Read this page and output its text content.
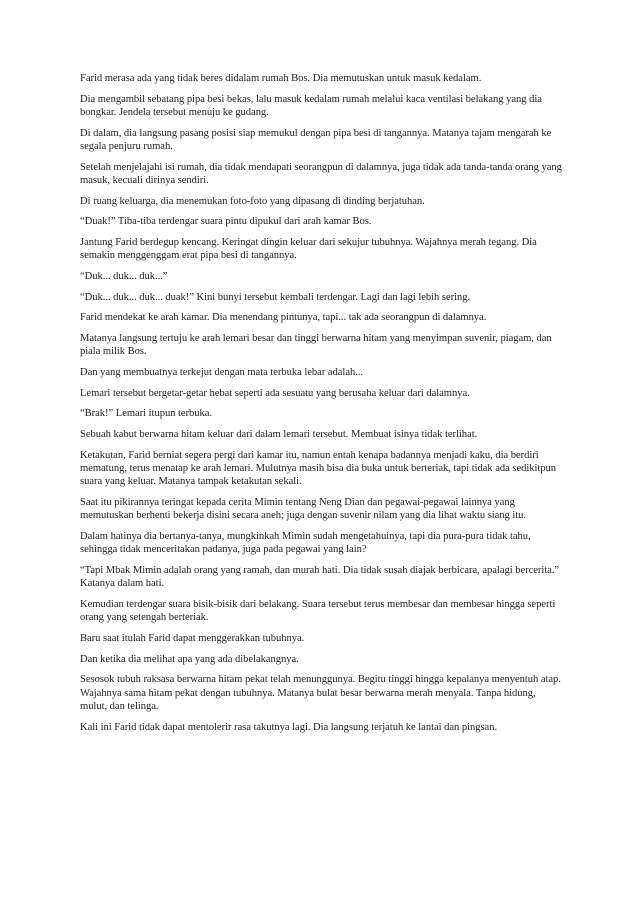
Farid merasa ada yang tidak beres didalam rumah Bos. Dia memutuskan untuk masuk kedalam.

Dia mengambil sebatang pipa besi bekas, lalu masuk kedalam rumah melalui kaca ventilasi belakang yang dia bongkar. Jendela tersebut menuju ke gudang.

Di dalam, dia langsung pasang posisi siap memukul dengan pipa besi di tangannya. Matanya tajam mengarah ke segala penjuru rumah.

Setelah menjelajahi isi rumah, dia tidak mendapati seorangpun di dalamnya, juga tidak ada tanda-tanda orang yang masuk, kecuali dirinya sendiri.

Di ruang keluarga, dia menemukan foto-foto yang dipasang di dinding berjatuhan.

“Duak!” Tiba-tiba terdengar suara pintu dipukul dari arah kamar Bos.

Jantung Farid berdegup kencang. Keringat dingin keluar dari sekujur tubuhnya. Wajahnya merah tegang. Dia semakin menggenggam erat pipa besi di tangannya.

“Duk... duk... duk...”

“Duk... duk... duk... duak!” Kini bunyi tersebut kembali terdengar. Lagi dan lagi lebih sering.

Farid mendekat ke arah kamar. Dia menendang pintunya, tapi... tak ada seorangpun di dalamnya.

Matanya langsung tertuju ke arah lemari besar dan tinggi berwarna hitam yang menyimpan suvenir, piagam, dan piala milik Bos.

Dan yang membuatnya terkejut dengan mata terbuka lebar adalah...

Lemari tersebut bergetar-getar hebat seperti ada sesuatu yang berusaha keluar dari dalamnya.

“Brak!” Lemari itupun terbuka.

Sebuah kabut berwarna hitam keluar dari dalam lemari tersebut. Membuat isinya tidak terlihat.

Ketakutan, Farid berniat segera pergi dari kamar itu, namun entah kenapa badannya menjadi kaku, dia berdiri mematung, terus menatap ke arah lemari. Mulutnya masih bisa dia buka untuk berteriak, tapi tidak ada sedikitpun suara yang keluar. Matanya tampak ketakutan sekali.

Saat itu pikirannya teringat kepada cerita Mimin tentang Neng Dian dan pegawai-pegawai lainnya yang memutuskan berhenti bekerja disini secara aneh; juga dengan suvenir nilam yang dia lihat waktu siang itu.

Dalam hatinya dia bertanya-tanya, mungkinkah Mimin sudah mengetahuinya, tapi dia pura-pura tidak tahu, sehingga tidak menceritakan padanya, juga pada pegawai yang lain?

“Tapi Mbak Mimin adalah orang yang ramah, dan murah hati. Dia tidak susah diajak berbicara, apalagi bercerita.” Katanya dalam hati.

Kemudian terdengar suara bisik-bisik dari belakang. Suara tersebut terus membesar dan membesar hingga seperti orang yang setengah berteriak.

Baru saat itulah Farid dapat menggerakkan tubuhnya.

Dan ketika dia melihat apa yang ada dibelakangnya.

Sesosok tubuh raksasa berwarna hitam pekat telah menunggunya. Begitu tinggi hingga kepalanya menyentuh atap. Wajahnya sama hitam pekat dengan tubuhnya. Matanya bulat besar berwarna merah menyala. Tanpa hidung, mulut, dan telinga.

Kali ini Farid tidak dapat mentolerir rasa takutnya lagi. Dia langsung terjatuh ke lantai dan pingsan.
